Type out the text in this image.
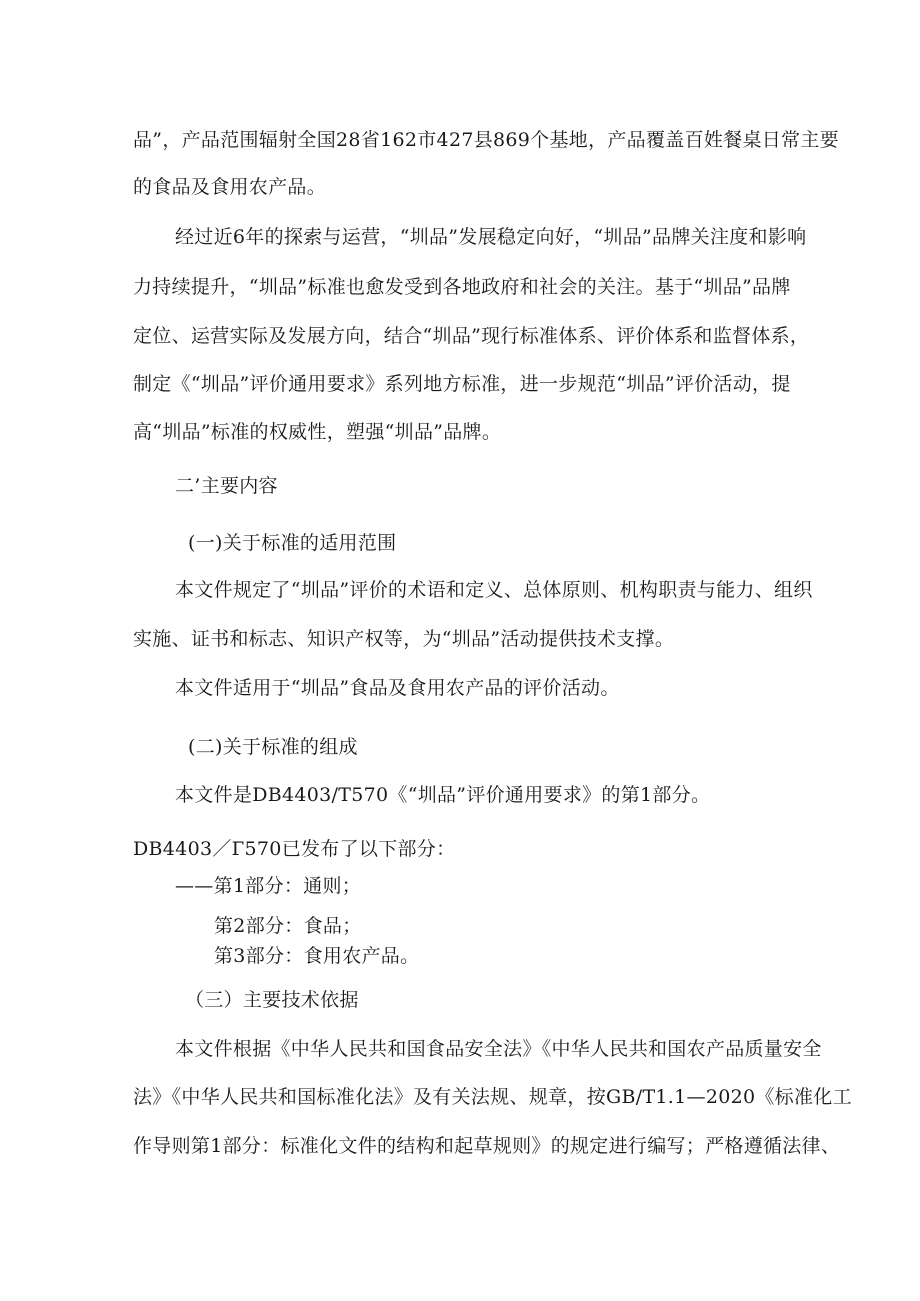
品”，产品范围辐射全国28省162市427县869个基地，产品覆盖百姓餐桌日常主要
的食品及食用农产品。
经过近6年的探索与运营，“圳品”发展稳定向好，“圳品”品牌关注度和影响
力持续提升，“圳品”标准也愈发受到各地政府和社会的关注。基于“圳品”品牌
定位、运营实际及发展方向，结合“圳品”现行标准体系、评价体系和监督体系，
制定《“圳品”评价通用要求》系列地方标准，进一步规范“圳品”评价活动，提
高“圳品”标准的权威性，塑强“圳品”品牌。
二’主要内容
(一)关于标准的适用范围
本文件规定了“圳品”评价的术语和定义、总体原则、机构职责与能力、组织
实施、证书和标志、知识产权等，为“圳品”活动提供技术支撑。
本文件适用于“圳品”食品及食用农产品的评价活动。
(二)关于标准的组成
本文件是DB4403/T570《“圳品”评价通用要求》的第1部分。
DB4403／Г570已发布了以下部分：
——第1部分：通则；
第2部分：食品；
第3部分：食用农产品。
（三）主要技术依据
本文件根据《中华人民共和国食品安全法》《中华人民共和国农产品质量安全
法》《中华人民共和国标准化法》及有关法规、规章，按GB/T1.1—2020《标准化工
作导则第1部分：标准化文件的结构和起草规则》的规定进行编写；严格遵循法律、
